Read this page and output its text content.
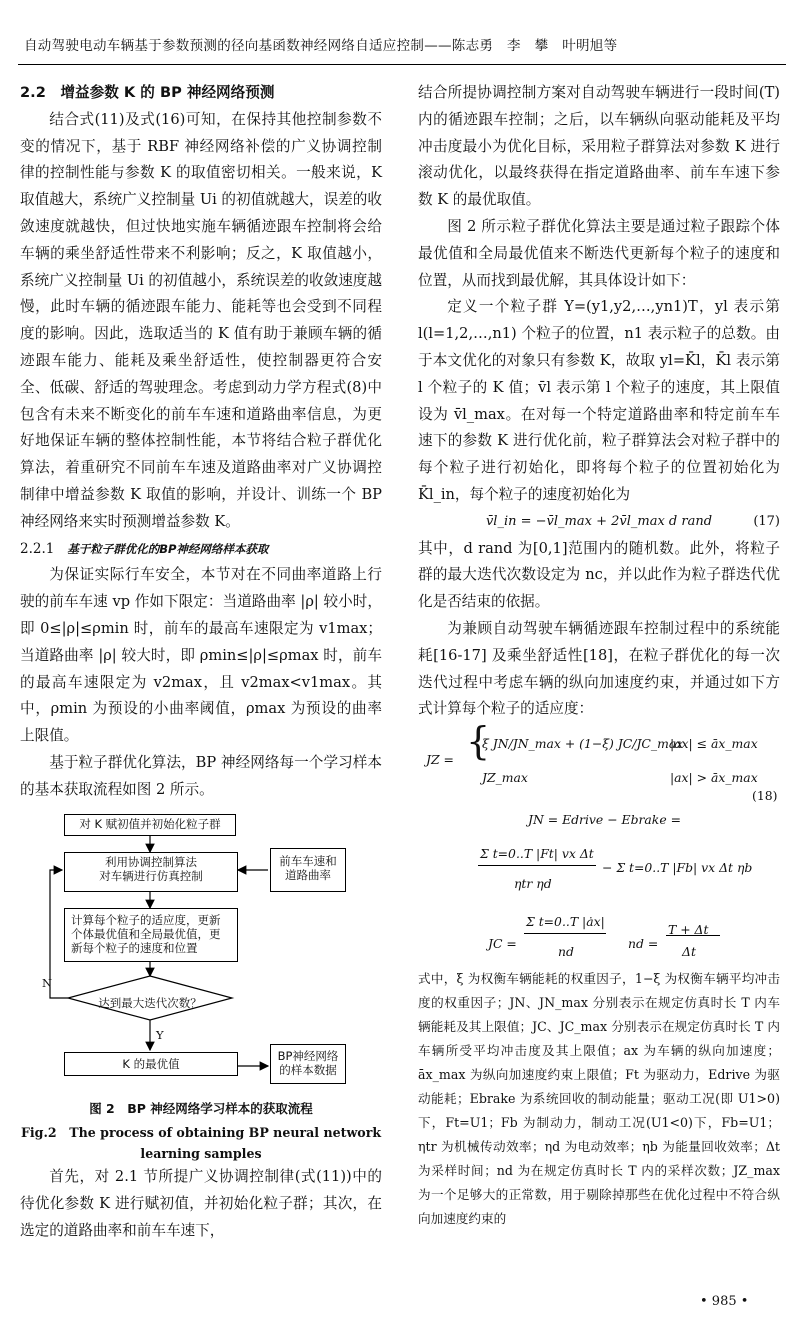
自动驾驶电动车辆基于参数预测的径向基函数神经网络自适应控制——陈志勇　李　攀　叶明旭等

2.2　增益参数 K 的 BP 神经网络预测

结合式(11)及式(16)可知，在保持其他控制参数不变的情况下，基于 RBF 神经网络补偿的广义协调控制律的控制性能与参数 K 的取值密切相关。一般来说，K 取值越大，系统广义控制量 Ui 的初值就越大，误差的收敛速度就越快，但过快地实施车辆循迹跟车控制将会给车辆的乘坐舒适性带来不利影响；反之，K 取值越小，系统广义控制量 Ui 的初值越小，系统误差的收敛速度越慢，此时车辆的循迹跟车能力、能耗等也会受到不同程度的影响。因此，选取适当的 K 值有助于兼顾车辆的循迹跟车能力、能耗及乘坐舒适性，使控制器更符合安全、低碳、舒适的驾驶理念。考虑到动力学方程式(8)中包含有未来不断变化的前车车速和道路曲率信息，为更好地保证车辆的整体控制性能，本节将结合粒子群优化算法，着重研究不同前车车速及道路曲率对广义协调控制律中增益参数 K 取值的影响，并设计、训练一个 BP 神经网络来实时预测增益参数 K。

2.2.1 基于粒子群优化的BP神经网络样本获取

为保证实际行车安全，本节对在不同曲率道路上行驶的前车车速 vp 作如下限定：当道路曲率 |ρ| 较小时，即 0≤|ρ|≤ρmin 时，前车的最高车速限定为 v1max；当道路曲率 |ρ| 较大时，即 ρmin≤|ρ|≤ρmax 时，前车的最高车速限定为 v2max，且 v2max<v1max。其中，ρmin 为预设的小曲率阈值，ρmax 为预设的曲率上限值。

基于粒子群优化算法，BP 神经网络每一个学习样本的基本获取流程如图 2 所示。

对 K 赋初值并初始化粒子群
利用协调控制算法
对车辆进行仿真控制
前车车速和道路曲率
计算每个粒子的适应度，更新个体最优值和全局最优值，更新每个粒子的速度和位置
达到最大迭代次数？
N
Y
K 的最优值
BP神经网络的样本数据

图 2　BP 神经网络学习样本的获取流程

Fig.2　The process of obtaining BP neural network

learning samples

首先，对 2.1 节所提广义协调控制律(式(11))中的待优化参数 K 进行赋初值，并初始化粒子群；其次，在选定的道路曲率和前车车速下，

结合所提协调控制方案对自动驾驶车辆进行一段时间(T)内的循迹跟车控制；之后，以车辆纵向驱动能耗及平均冲击度最小为优化目标，采用粒子群算法对参数 K 进行滚动优化，以最终获得在指定道路曲率、前车车速下参数 K 的最优取值。

图 2 所示粒子群优化算法主要是通过粒子跟踪个体最优值和全局最优值来不断迭代更新每个粒子的速度和位置，从而找到最优解，其具体设计如下：

定义一个粒子群 Y=(y1,y2,…,yn1)T，yl 表示第 l(l=1,2,…,n1) 个粒子的位置，n1 表示粒子的总数。由于本文优化的对象只有参数 K，故取 yl=K̄l，K̄l 表示第 l 个粒子的 K 值；v̄l 表示第 l 个粒子的速度，其上限值设为 v̄l_max。在对每一个特定道路曲率和特定前车车速下的参数 K 进行优化前，粒子群算法会对粒子群中的每个粒子进行初始化，即将每个粒子的位置初始化为 K̄l_in，每个粒子的速度初始化为

v̄l_in = −v̄l_max + 2v̄l_max d rand	(17)

其中，d rand 为[0,1]范围内的随机数。此外，将粒子群的最大迭代次数设定为 nc，并以此作为粒子群迭代优化是否结束的依据。

为兼顾自动驾驶车辆循迹跟车控制过程中的系统能耗[16-17] 及乘坐舒适性[18]，在粒子群优化的每一次迭代过程中考虑车辆的纵向加速度约束，并通过如下方式计算每个粒子的适应度：

JZ = {
ξ JN/JN_max + (1−ξ) JC/JC_max
|ax| ≤ āx_max
JZ_max	|ax| > āx_max
(18)
JN = Edrive − Ebrake =
Σ t=0..T |Ft| vx Δt
ηtr ηd
− Σ t=0..T |Fb| vx Δt ηb
JC =
Σ t=0..T |ȧx|
nd
nd =
T + Δt
Δt

式中，ξ 为权衡车辆能耗的权重因子，1−ξ 为权衡车辆平均冲击度的权重因子；JN、JN_max 分别表示在规定仿真时长 T 内车辆能耗及其上限值；JC、JC_max 分别表示在规定仿真时长 T 内车辆所受平均冲击度及其上限值；ax 为车辆的纵向加速度；āx_max 为纵向加速度约束上限值；Ft 为驱动力，Edrive 为驱动能耗；Ebrake 为系统回收的制动能量；驱动工况(即 U1>0)下，Ft=U1；Fb 为制动力，制动工况(U1<0)下，Fb=U1；ηtr 为机械传动效率；ηd 为电动效率；ηb 为能量回收效率；Δt 为采样时间；nd 为在规定仿真时长 T 内的采样次数；JZ_max 为一个足够大的正常数，用于剔除掉那些在优化过程中不符合纵向加速度约束的

• 985 •
